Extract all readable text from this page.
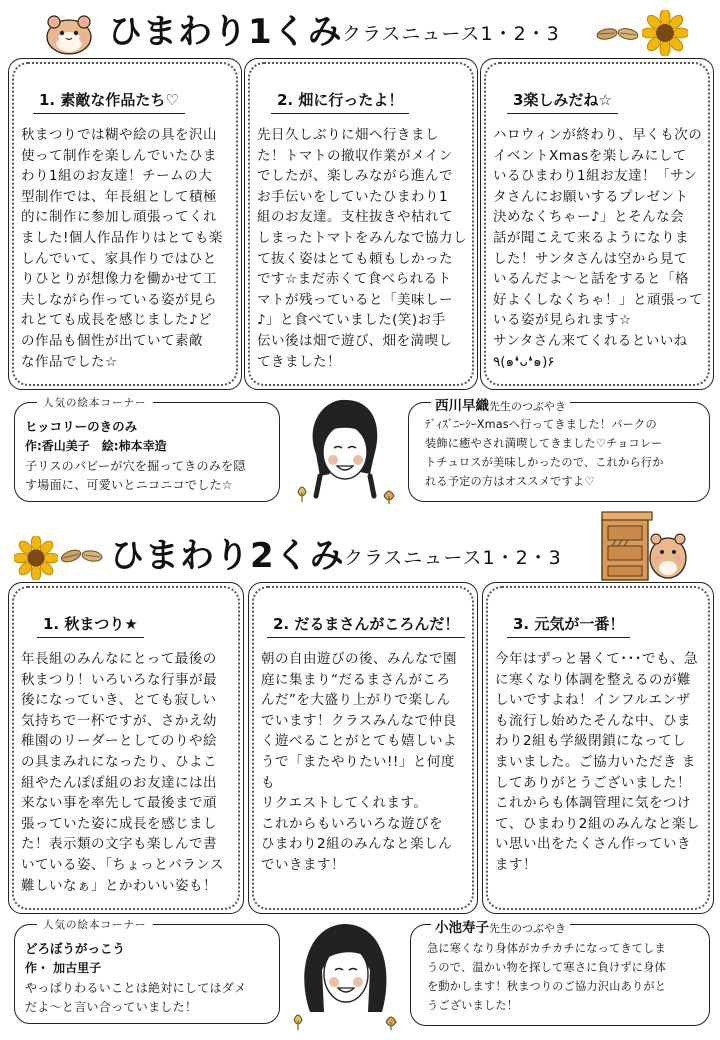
ひまわり1くみ クラスニュース1・2・3
1. 素敵な作品たち♡
秋まつりでは糊や絵の具を沢山
使って制作を楽しんでいたひま
わり1組のお友達！チームの大
型制作では、年長組として積極
的に制作に参加し頑張ってくれ
ました!個人作品作りはとても楽
しんでいて、家具作りではひと
りひとりが想像力を働かせて工
夫しながら作っている姿が見ら
れとても成長を感じました♪ど
の作品も個性が出ていて素敵
な作品でした☆
2. 畑に行ったよ！
先日久しぶりに畑へ行きまし
た！トマトの撤収作業がメイン
でしたが、楽しみながら進んで
お手伝いをしていたひまわり1
組のお友達。支柱抜きや枯れて
しまったトマトをみんなで協力し
て抜く姿はとても頼もしかった
です☆まだ赤くて食べられるト
マトが残っていると「美味しー
♪」と食べていました(笑)お手
伝い後は畑で遊び、畑を満喫し
てきました！
3楽しみだね☆
ハロウィンが終わり、早くも次の
イベントXmasを楽しみにして
いるひまわり1組お友達！「サン
タさんにお願いするプレゼント
決めなくちゃー♪」とそんな会
話が聞こえて来るようになりま
した！サンタさんは空から見て
いるんだよ～と話をすると「格
好よくしなくちゃ！」と頑張って
いる姿が見られます☆
サンタさん来てくれるといいね
٩(๑❛ᴗ❛๑)۶
人気の絵本コーナー
ヒッコリーのきのみ
作:香山美子　絵:柿本幸造
子リスのバビーが穴を掘ってきのみを隠
す場面に、可愛いとニコニコでした☆
西川早織先生のつぶやき
ﾃﾞｨｽﾞﾆｰｼｰXmasへ行ってきました！パークの
装飾に癒やされ満喫してきました♡チョコレー
トチュロスが美味しかったので、これから行か
れる予定の方はオススメですよ♡
ひまわり2くみ クラスニュース1・2・3
1. 秋まつり★
年長組のみんなにとって最後の
秋まつり！いろいろな行事が最
後になっていき、とても寂しい
気持ちで一杯ですが、さかえ幼
稚園のリーダーとしてのりや絵
の具まみれになったり、ひよこ
組やたんぽぽ組のお友達には出
来ない事を率先して最後まで頑
張っていた姿に成長を感じまし
た！表示類の文字も楽しんで書
いている姿、「ちょっとバランス
難しいなぁ」とかわいい姿も！
2. だるまさんがころんだ！
朝の自由遊びの後、みんなで園
庭に集まり“だるまさんがころ
んだ”を大盛り上がりで楽しん
でいます！クラスみんなで仲良
く遊べることがとても嬉しいよ
うで「またやりたい!!」と何度も
リクエストしてくれます。
これからもいろいろな遊びを
ひまわり2組のみんなと楽しん
でいきます！
3. 元気が一番！
今年はずっと暑くて･･･でも、急
に寒くなり体調を整えるのが難
しいですよね！インフルエンザ
も流行し始めたそんな中、ひま
わり2組も学級閉鎖になってし
まいました。ご協力いただき ま
してありがとうございました！
これからも体調管理に気をつけ
て、ひまわり2組のみんなと楽し
い思い出をたくさん作っていき
ます！
人気の絵本コーナー
どろぼうがっこう
作・ 加古里子
やっぱりわるいことは絶対にしてはダメ
だよ～と言い合っていました！
小池寿子先生のつぶやき
急に寒くなり身体がカチカチになってきてしま
うので、温かい物を探して寒さに負けずに身体
を動かします！秋まつりのご協力沢山ありがと
うございました！
